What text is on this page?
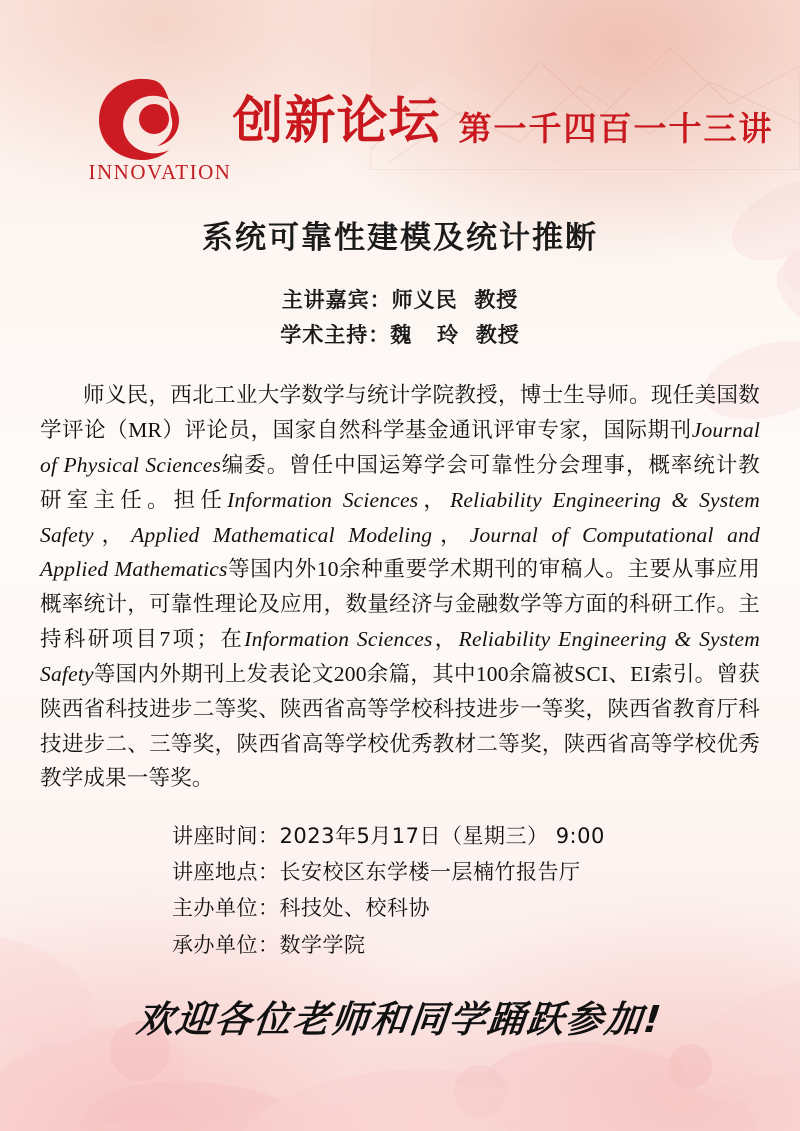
INNOVATION
创新论坛 第一千四百一十三讲
系统可靠性建模及统计推断
主讲嘉宾：师义民  教授
学术主持：魏   玲  教授
师义民，西北工业大学数学与统计学院教授，博士生导师。现任美国数学评论（MR）评论员，国家自然科学基金通讯评审专家，国际期刊Journal of Physical Sciences编委。曾任中国运筹学会可靠性分会理事，概率统计教研室主任。担任Information Sciences，Reliability Engineering & System Safety，Applied Mathematical Modeling，Journal of Computational and Applied Mathematics等国内外10余种重要学术期刊的审稿人。主要从事应用概率统计，可靠性理论及应用，数量经济与金融数学等方面的科研工作。主持科研项目7项；在Information Sciences，Reliability Engineering & System Safety等国内外期刊上发表论文200余篇，其中100余篇被SCI、EI索引。曾获陕西省科技进步二等奖、陕西省高等学校科技进步一等奖，陕西省教育厅科技进步二、三等奖，陕西省高等学校优秀教材二等奖，陕西省高等学校优秀教学成果一等奖。
讲座时间：2023年5月17日（星期三） 9:00
讲座地点：长安校区东学楼一层楠竹报告厅
主办单位：科技处、校科协
承办单位：数学学院
欢迎各位老师和同学踊跃参加!
